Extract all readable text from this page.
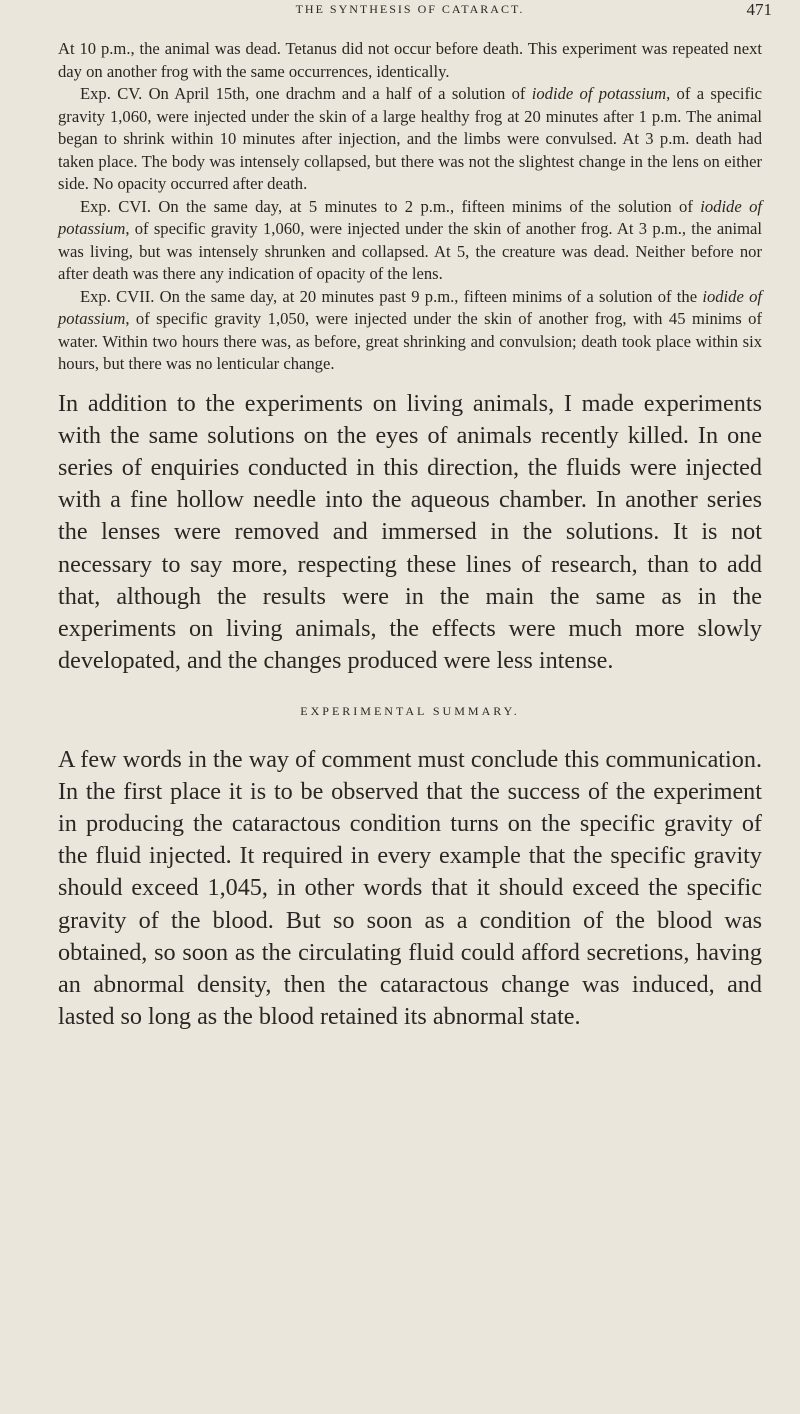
THE SYNTHESIS OF CATARACT.	471

At 10 p.m., the animal was dead. Tetanus did not occur before death. This experiment was repeated next day on another frog with the same occurrences, identically.

Exp. CV. On April 15th, one drachm and a half of a solution of iodide of potassium, of a specific gravity 1,060, were injected under the skin of a large healthy frog at 20 minutes after 1 p.m. The animal began to shrink within 10 minutes after injection, and the limbs were convulsed. At 3 p.m. death had taken place. The body was intensely collapsed, but there was not the slightest change in the lens on either side. No opacity occurred after death.

Exp. CVI. On the same day, at 5 minutes to 2 p.m., fifteen minims of the solution of iodide of potassium, of specific gravity 1,060, were injected under the skin of another frog. At 3 p.m., the animal was living, but was intensely shrunken and collapsed. At 5, the creature was dead. Neither before nor after death was there any indication of opacity of the lens.

Exp. CVII. On the same day, at 20 minutes past 9 p.m., fifteen minims of a solution of the iodide of potassium, of specific gravity 1,050, were injected under the skin of another frog, with 45 minims of water. Within two hours there was, as before, great shrinking and convulsion; death took place within six hours, but there was no lenticular change.

In addition to the experiments on living animals, I made experiments with the same solutions on the eyes of animals recently killed. In one series of enquiries conducted in this direction, the fluids were injected with a fine hollow needle into the aqueous chamber. In another series the lenses were removed and immersed in the solutions. It is not necessary to say more, respecting these lines of research, than to add that, although the results were in the main the same as in the experiments on living animals, the effects were much more slowly developated, and the changes produced were less intense.

EXPERIMENTAL SUMMARY.

A few words in the way of comment must conclude this communication. In the first place it is to be observed that the success of the experiment in producing the cataractous condition turns on the specific gravity of the fluid injected. It required in every example that the specific gravity should exceed 1,045, in other words that it should exceed the specific gravity of the blood. But so soon as a condition of the blood was obtained, so soon as the circulating fluid could afford secretions, having an abnormal density, then the cataractous change was induced, and lasted so long as the blood retained its abnormal state.
